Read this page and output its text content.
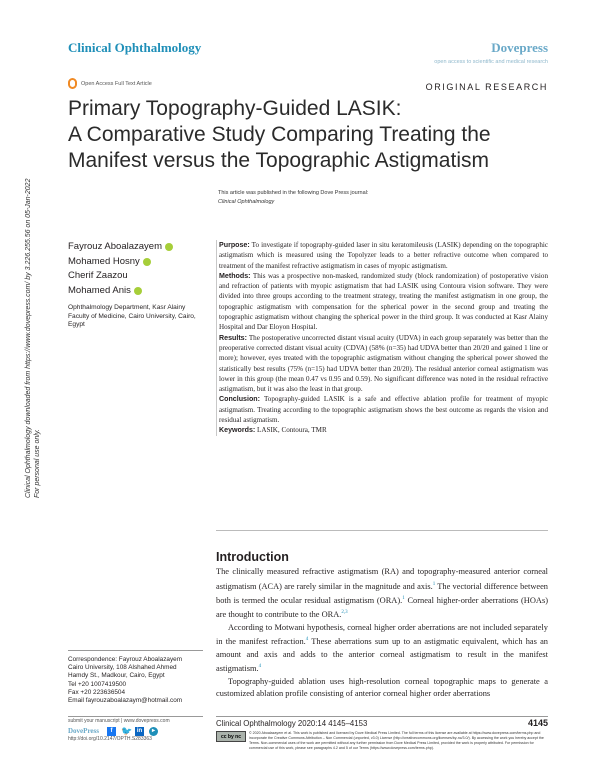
Clinical Ophthalmology	Dovepress
open access to scientific and medical research
Open Access Full Text Article	ORIGINAL RESEARCH
Primary Topography-Guided LASIK:
A Comparative Study Comparing Treating the
Manifest versus the Topographic Astigmatism
This article was published in the following Dove Press journal:
Clinical Ophthalmology
Clinical Ophthalmology downloaded from https://www.dovepress.com/ by 3.226.255.56 on 05-Jan-2022 For personal use only.
Fayrouz Aboalazayem
Mohamed Hosny
Cherif Zaazou
Mohamed Anis
Ophthalmology Department, Kasr Alainy Faculty of Medicine, Cairo University, Cairo, Egypt

Purpose: To investigate if topography-guided laser in situ keratomileusis (LASIK) depending on the topographic astigmatism which is measured using the Topolyzer leads to a better refractive outcome when compared to treatment of the manifest refractive astigmatism in cases of myopic astigmatism.

Methods: This was a prospective non-masked, randomized study (block randomization) of postoperative vision and refraction of patients with myopic astigmatism that had LASIK using Contoura vision software. They were divided into three groups according to the treatment strategy, treating the manifest astigmatism in one group, the topographic astigmatism with compensation for the spherical power in the second group and treating the topographic astigmatism without changing the spherical power in the third group. It was conducted at Kasr Alainy Hospital and Dar Eloyon Hospital.

Results: The postoperative uncorrected distant visual acuity (UDVA) in each group separately was better than the preoperative corrected distant visual acuity (CDVA) (58% (n=35) had UDVA better than 20/20 and gained 1 line or more); however, eyes treated with the topographic astigmatism without changing the spherical power showed the statistically best results (75% (n=15) had UDVA better than 20/20). The residual anterior corneal astigmatism was lower in this group (the mean 0.47 vs 0.95 and 0.59). No significant difference was noted in the residual refractive astigmatism, but it was also the least in that group.

Conclusion: Topography-guided LASIK is a safe and effective ablation profile for treatment of myopic astigmatism. Treating according to the topographic astigmatism shows the best outcome as regards the vision and residual astigmatism.

Keywords: LASIK, Contoura, TMR

Introduction

The clinically measured refractive astigmatism (RA) and topography-measured anterior corneal astigmatism (ACA) are rarely similar in the magnitude and axis.$^1$ The vectorial difference between both is termed the ocular residual astigmatism (ORA).$^1$ Corneal higher-order aberrations (HOAs) are thought to contribute to the ORA.$^{2,3}$

According to Motwani hypothesis, corneal higher order aberrations are not included separately in the manifest refraction.$^4$ These aberrations sum up to an astigmatic equivalent, which has an amount and axis and adds to the anterior corneal astigmatism to result in the manifest astigmatism.$^4$

Topography-guided ablation uses high-resolution corneal topographic maps to generate a customized ablation profile consisting of anterior corneal higher order aberrations

Correspondence: Fayrouz Aboalazayem
Cairo University, 108 Alshahed Ahmed
Hamdy St., Madkour, Cairo, Egypt
Tel +20 1007419500
Fax +20 223636504
Email fayrouzaboalazaym@hotmail.com
submit your manuscript | www.dovepress.com
DovePress	f 🐦 in	▸
http://doi.org/10.2147/OPTH.S283363
Clinical Ophthalmology 2020:14 4145–4153	4145
cc by nc
© 2020 Aboalazayem et al. This work is published and licensed by Dove Medical Press Limited. The full terms of this license are available at https://www.dovepress.com/terms.php and incorporate the Creative Commons Attribution – Non Commercial (unported, v3.0) License (http://creativecommons.org/licenses/by-nc/3.0/). By accessing the work you hereby accept the Terms. Non-commercial uses of the work are permitted without any further permission from Dove Medical Press Limited, provided the work is properly attributed. For permission for commercial use of this work, please see paragraphs 4.2 and 5 of our Terms (https://www.dovepress.com/terms.php).
